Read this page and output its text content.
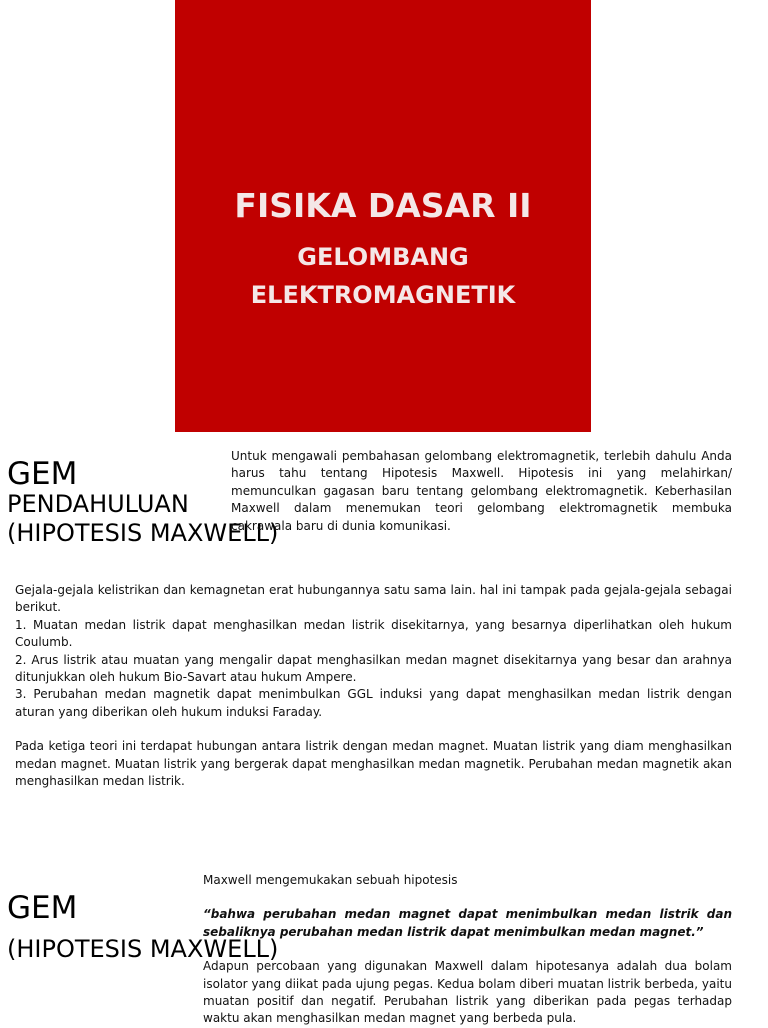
FISIKA DASAR II
GELOMBANG
ELEKTROMAGNETIK
GEM
PENDAHULUAN
(HIPOTESIS MAXWELL)

Untuk mengawali pembahasan gelombang elektromagnetik, terlebih dahulu Anda harus tahu tentang Hipotesis Maxwell. Hipotesis ini yang melahirkan/ memunculkan gagasan baru tentang gelombang elektromagnetik. Keberhasilan Maxwell dalam menemukan teori gelombang elektromagnetik membuka cakrawala baru di dunia komunikasi.

Gejala-gejala kelistrikan dan kemagnetan erat hubungannya satu sama lain. hal ini tampak pada gejala-gejala sebagai berikut.

1. Muatan medan listrik dapat menghasilkan medan listrik disekitarnya, yang besarnya diperlihatkan oleh hukum Coulumb.

2. Arus listrik atau muatan yang mengalir dapat menghasilkan medan magnet disekitarnya yang besar dan arahnya ditunjukkan oleh hukum Bio-Savart atau hukum Ampere.

3. Perubahan medan magnetik dapat menimbulkan GGL induksi yang dapat menghasilkan medan listrik dengan aturan yang diberikan oleh hukum induksi Faraday.

Pada ketiga teori ini terdapat hubungan antara listrik dengan medan magnet. Muatan listrik yang diam menghasilkan medan magnet. Muatan listrik yang bergerak dapat menghasilkan medan magnetik. Perubahan medan magnetik akan menghasilkan medan listrik.

GEM
(HIPOTESIS MAXWELL)

Maxwell mengemukakan sebuah hipotesis

“bahwa perubahan medan magnet dapat menimbulkan medan listrik dan sebaliknya perubahan medan listrik dapat menimbulkan medan magnet.”

Adapun percobaan yang digunakan Maxwell dalam hipotesanya adalah dua bolam isolator yang diikat pada ujung pegas. Kedua bolam diberi muatan listrik berbeda, yaitu muatan positif dan negatif. Perubahan listrik yang diberikan pada pegas terhadap waktu akan menghasilkan medan magnet yang berbeda pula.
